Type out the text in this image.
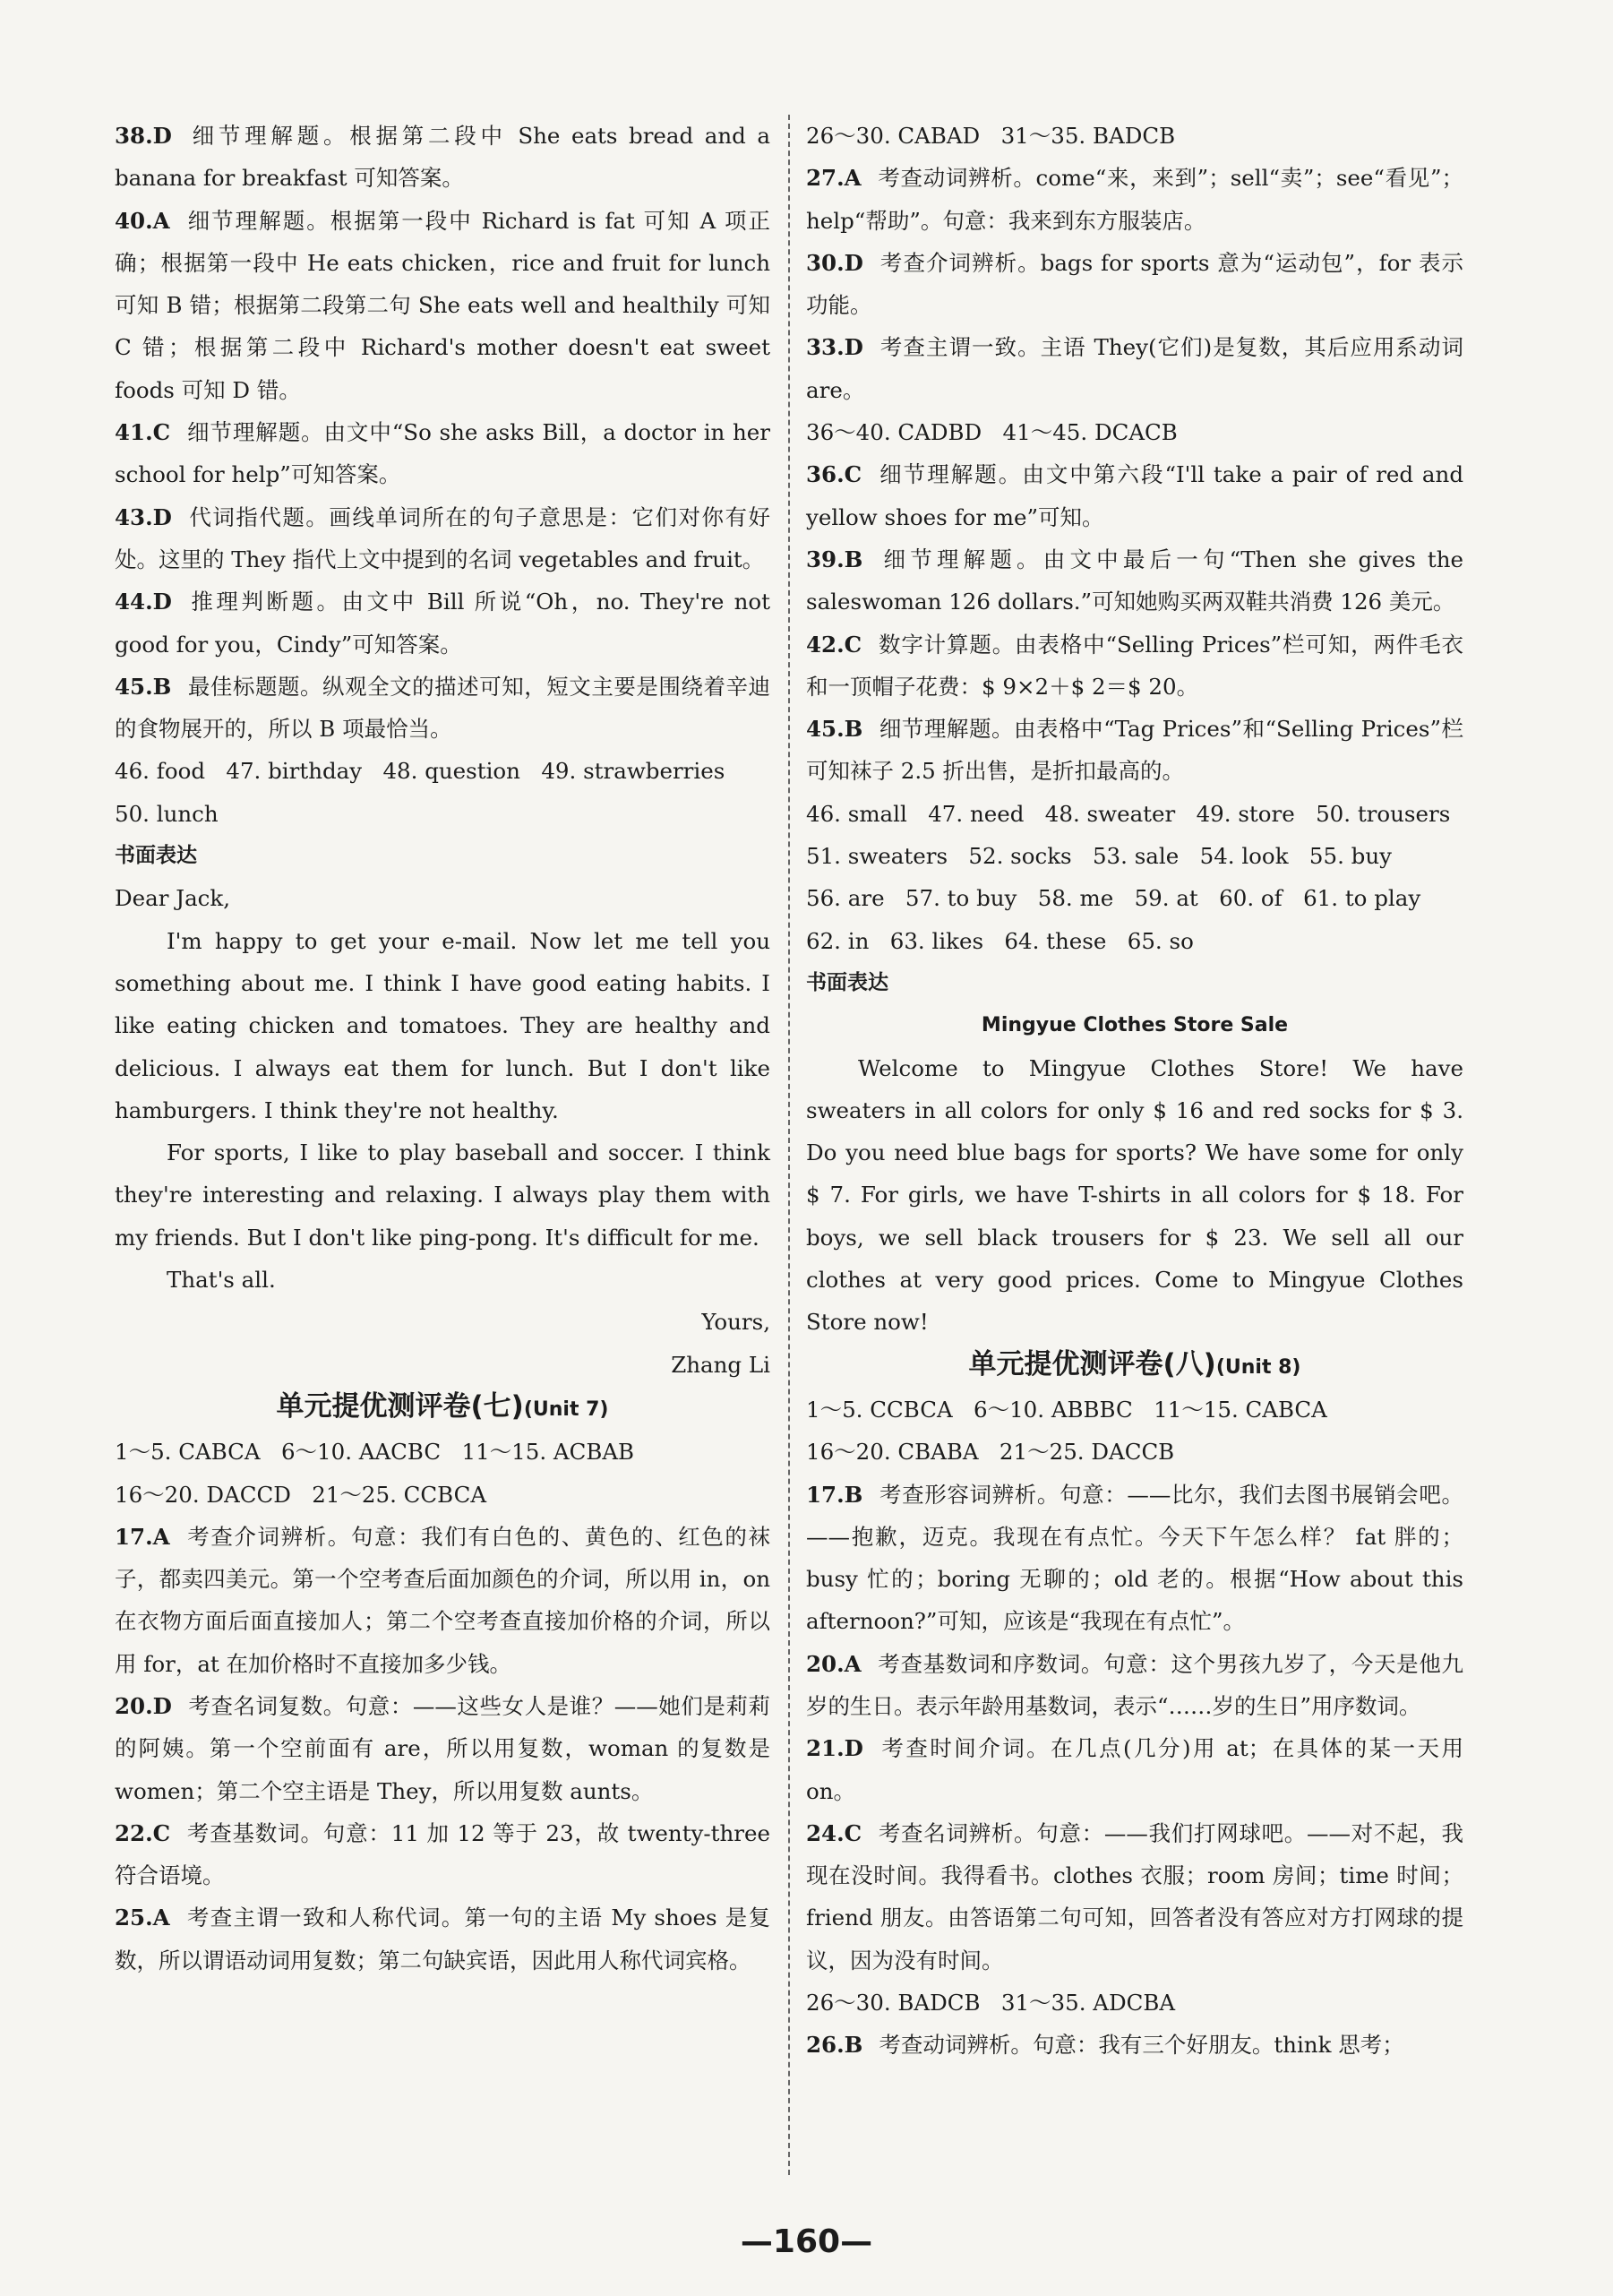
38.D 细节理解题。根据第二段中 She eats bread and a banana for breakfast 可知答案。
40.A 细节理解题。根据第一段中 Richard is fat 可知 A 项正确；根据第一段中 He eats chicken，rice and fruit for lunch 可知 B 错；根据第二段第二句 She eats well and healthily 可知 C 错；根据第二段中 Richard's mother doesn't eat sweet foods 可知 D 错。
41.C 细节理解题。由文中“So she asks Bill，a doctor in her school for help”可知答案。
43.D 代词指代题。画线单词所在的句子意思是：它们对你有好处。这里的 They 指代上文中提到的名词 vegetables and fruit。
44.D 推理判断题。由文中 Bill 所说“Oh，no. They're not good for you，Cindy”可知答案。
45.B 最佳标题题。纵观全文的描述可知，短文主要是围绕着辛迪的食物展开的，所以 B 项最恰当。
46. food   47. birthday   48. question   49. strawberries
50. lunch
书面表达
Dear Jack,
I'm happy to get your e-mail. Now let me tell you something about me. I think I have good eating habits. I like eating chicken and tomatoes. They are healthy and delicious. I always eat them for lunch. But I don't like hamburgers. I think they're not healthy.
For sports, I like to play baseball and soccer. I think they're interesting and relaxing. I always play them with my friends. But I don't like ping-pong. It's difficult for me.
That's all.
Yours,
Zhang Li
单元提优测评卷(七)(Unit 7)
1～5. CABCA   6～10. AACBC   11～15. ACBAB
16～20. DACCD   21～25. CCBCA
17.A 考查介词辨析。句意：我们有白色的、黄色的、红色的袜子，都卖四美元。第一个空考查后面加颜色的介词，所以用 in，on 在衣物方面后面直接加人；第二个空考查直接加价格的介词，所以用 for，at 在加价格时不直接加多少钱。
20.D 考查名词复数。句意：——这些女人是谁？——她们是莉莉的阿姨。第一个空前面有 are，所以用复数，woman 的复数是 women；第二个空主语是 They，所以用复数 aunts。
22.C 考查基数词。句意：11 加 12 等于 23，故 twenty-three 符合语境。
25.A 考查主谓一致和人称代词。第一句的主语 My shoes 是复数，所以谓语动词用复数；第二句缺宾语，因此用人称代词宾格。
26～30. CABAD   31～35. BADCB
27.A 考查动词辨析。come“来，来到”；sell“卖”；see“看见”；help“帮助”。句意：我来到东方服装店。
30.D 考查介词辨析。bags for sports 意为“运动包”，for 表示功能。
33.D 考查主谓一致。主语 They(它们)是复数，其后应用系动词 are。
36～40. CADBD   41～45. DCACB
36.C 细节理解题。由文中第六段“I'll take a pair of red and yellow shoes for me”可知。
39.B 细节理解题。由文中最后一句“Then she gives the saleswoman 126 dollars.”可知她购买两双鞋共消费 126 美元。
42.C 数字计算题。由表格中“Selling Prices”栏可知，两件毛衣和一顶帽子花费：$ 9×2＋$ 2＝$ 20。
45.B 细节理解题。由表格中“Tag Prices”和“Selling Prices”栏可知袜子 2.5 折出售，是折扣最高的。
46. small   47. need   48. sweater   49. store   50. trousers
51. sweaters   52. socks   53. sale   54. look   55. buy
56. are   57. to buy   58. me   59. at   60. of   61. to play
62. in   63. likes   64. these   65. so
书面表达
Mingyue Clothes Store Sale
Welcome to Mingyue Clothes Store! We have sweaters in all colors for only $ 16 and red socks for $ 3. Do you need blue bags for sports? We have some for only $ 7. For girls, we have T-shirts in all colors for $ 18. For boys, we sell black trousers for $ 23. We sell all our clothes at very good prices. Come to Mingyue Clothes Store now!
单元提优测评卷(八)(Unit 8)
1～5. CCBCA   6～10. ABBBC   11～15. CABCA
16～20. CBABA   21～25. DACCB
17.B 考查形容词辨析。句意：——比尔，我们去图书展销会吧。——抱歉，迈克。我现在有点忙。今天下午怎么样？ fat 胖的；busy 忙的；boring 无聊的；old 老的。根据“How about this afternoon?”可知，应该是“我现在有点忙”。
20.A 考查基数词和序数词。句意：这个男孩九岁了，今天是他九岁的生日。表示年龄用基数词，表示“……岁的生日”用序数词。
21.D 考查时间介词。在几点(几分)用 at；在具体的某一天用 on。
24.C 考查名词辨析。句意：——我们打网球吧。——对不起，我现在没时间。我得看书。clothes 衣服；room 房间；time 时间；friend 朋友。由答语第二句可知，回答者没有答应对方打网球的提议，因为没有时间。
26～30. BADCB   31～35. ADCBA
26.B 考查动词辨析。句意：我有三个好朋友。think 思考；
—160—
